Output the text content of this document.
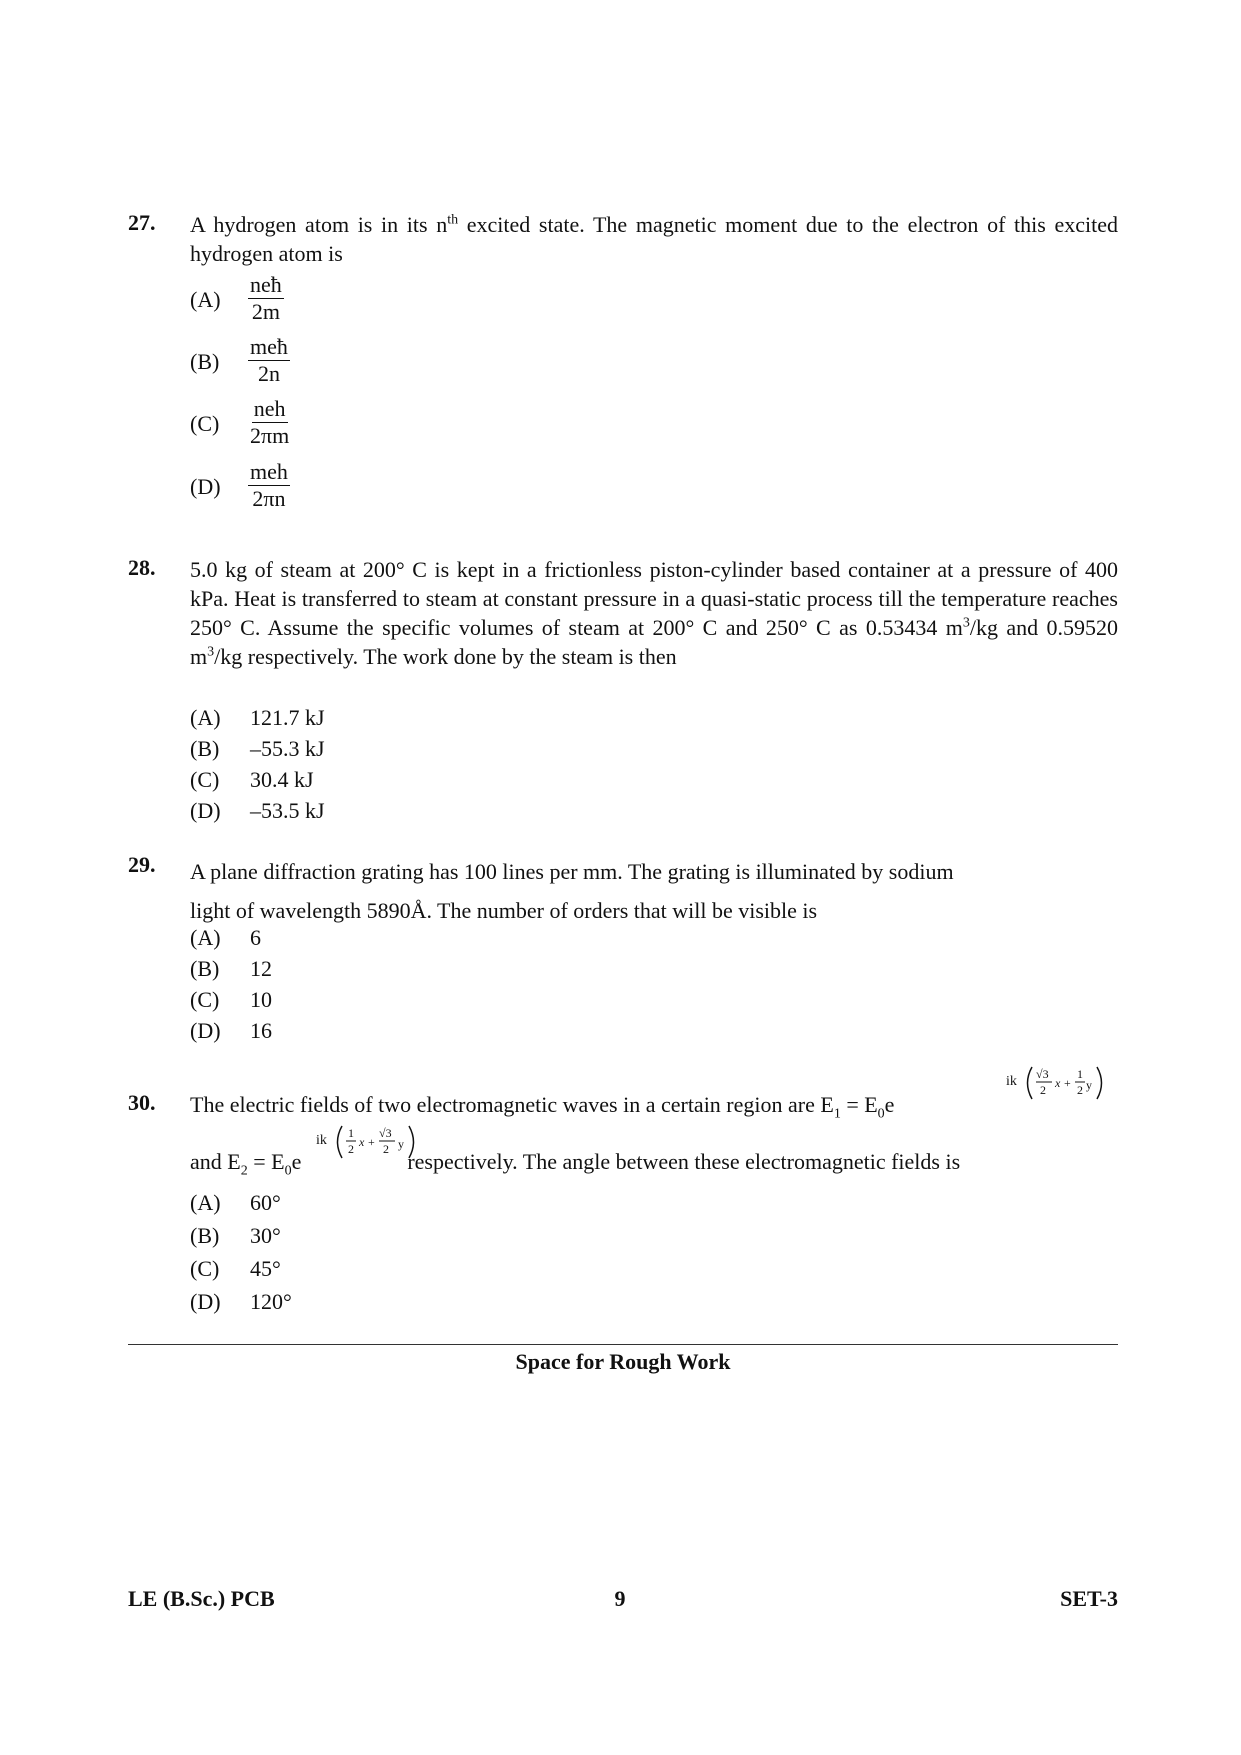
27. A hydrogen atom is in its $n^{th}$ excited state. The magnetic moment due to the electron of this excited hydrogen atom is
(A)
neħ
2m
(B)
meħ
2n
(C)
neh
2πm
(D)
meh
2πn
28. 5.0 kg of steam at 200° C is kept in a frictionless piston-cylinder based container at a pressure of 400 kPa. Heat is transferred to steam at constant pressure in a quasi-static process till the temperature reaches 250° C. Assume the specific volumes of steam at 200° C and 250° C as 0.53434 $m^3/kg$ and 0.59520 $m^3/kg$ respectively. The work done by the steam is then
(A) 121.7 kJ
(B) –55.3 kJ
(C) 30.4 kJ
(D) –53.5 kJ
29. A plane diffraction grating has 100 lines per mm. The grating is illuminated by sodium
light of wavelength 5890Å. The number of orders that will be visible is
(A) 6
(B) 12
(C) 10
(D) 16
30. The electric fields of two electromagnetic waves in a certain region are $E_1 = E_0e$
ik √3
2 x +
1
2 y
and $E_2 = E_0e$	respectively. The angle between these electromagnetic fields is
ik 1
2 x +
√3
2 y
(A) 60°
(B) 30°
(C) 45°
(D) 120°
Space for Rough Work
LE (B.Sc.) PCB	9	SET-3
